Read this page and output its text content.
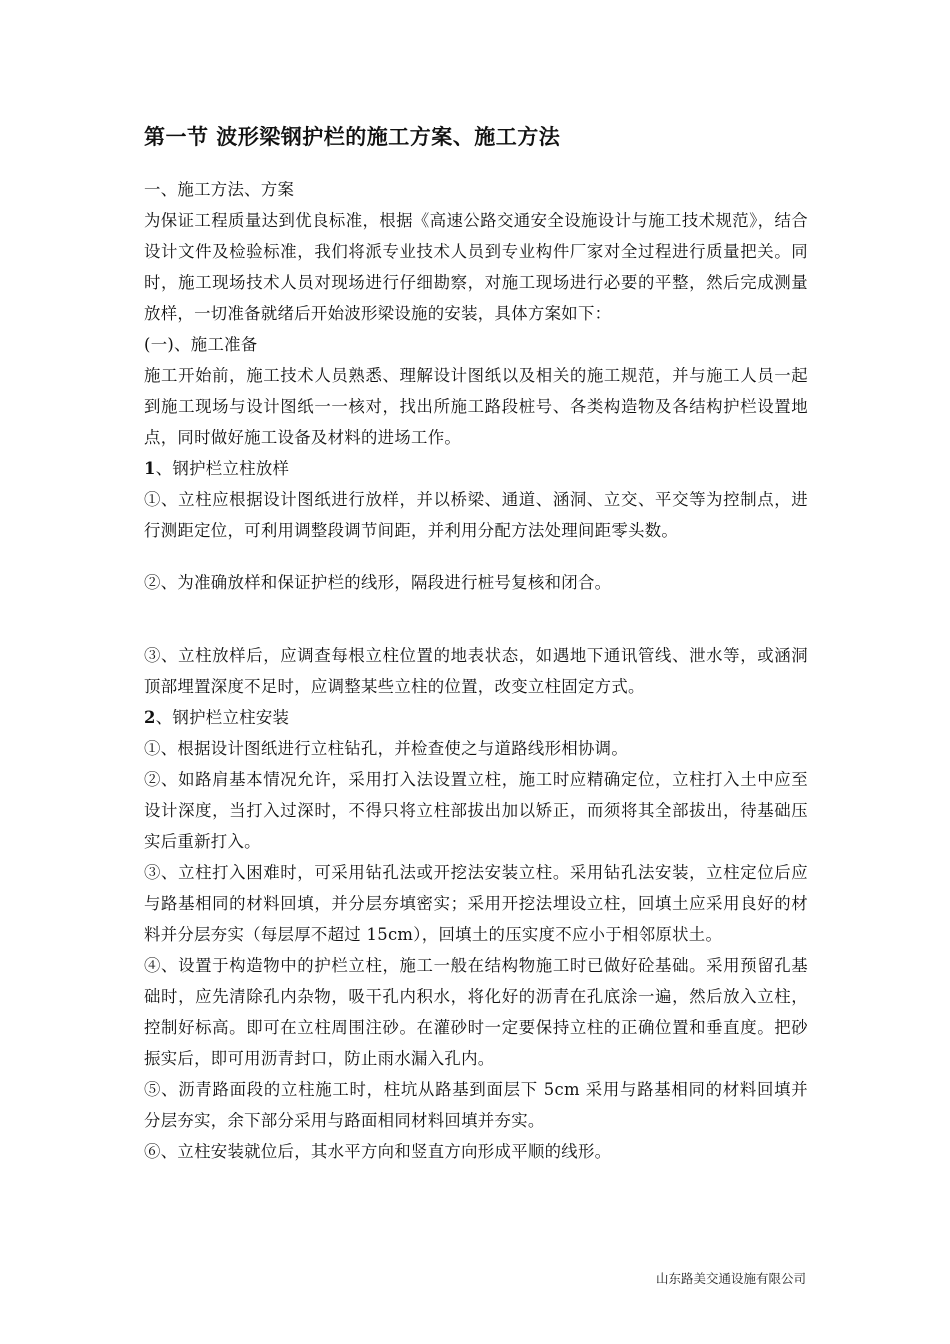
第一节 波形梁钢护栏的施工方案、施工方法

一、施工方法、方案

为保证工程质量达到优良标准，根据《高速公路交通安全设施设计与施工技术规范》，结合设计文件及检验标准，我们将派专业技术人员到专业构件厂家对全过程进行质量把关。同时，施工现场技术人员对现场进行仔细勘察，对施工现场进行必要的平整，然后完成测量放样，一切准备就绪后开始波形梁设施的安装，具体方案如下：

(一)、施工准备

施工开始前，施工技术人员熟悉、理解设计图纸以及相关的施工规范，并与施工人员一起到施工现场与设计图纸一一核对，找出所施工路段桩号、各类构造物及各结构护栏设置地点，同时做好施工设备及材料的进场工作。

1、钢护栏立柱放样

①、立柱应根据设计图纸进行放样，并以桥梁、通道、涵洞、立交、平交等为控制点，进行测距定位，可利用调整段调节间距，并利用分配方法处理间距零头数。

②、为准确放样和保证护栏的线形，隔段进行桩号复核和闭合。

③、立柱放样后，应调查每根立柱位置的地表状态，如遇地下通讯管线、泄水等，或涵洞顶部埋置深度不足时，应调整某些立柱的位置，改变立柱固定方式。

2、钢护栏立柱安装

①、根据设计图纸进行立柱钻孔，并检查使之与道路线形相协调。

②、如路肩基本情况允许，采用打入法设置立柱，施工时应精确定位，立柱打入土中应至设计深度，当打入过深时，不得只将立柱部拔出加以矫正，而须将其全部拔出，待基础压实后重新打入。

③、立柱打入困难时，可采用钻孔法或开挖法安装立柱。采用钻孔法安装，立柱定位后应与路基相同的材料回填，并分层夯填密实；采用开挖法埋设立柱，回填土应采用良好的材料并分层夯实（每层厚不超过 15cm），回填土的压实度不应小于相邻原状土。

④、设置于构造物中的护栏立柱，施工一般在结构物施工时已做好砼基础。采用预留孔基础时，应先清除孔内杂物，吸干孔内积水，将化好的沥青在孔底涂一遍，然后放入立柱，控制好标高。即可在立柱周围注砂。在灌砂时一定要保持立柱的正确位置和垂直度。把砂振实后，即可用沥青封口，防止雨水漏入孔内。

⑤、沥青路面段的立柱施工时，柱坑从路基到面层下 5cm 采用与路基相同的材料回填并分层夯实，余下部分采用与路面相同材料回填并夯实。

⑥、立柱安装就位后，其水平方向和竖直方向形成平顺的线形。

山东路美交通设施有限公司
